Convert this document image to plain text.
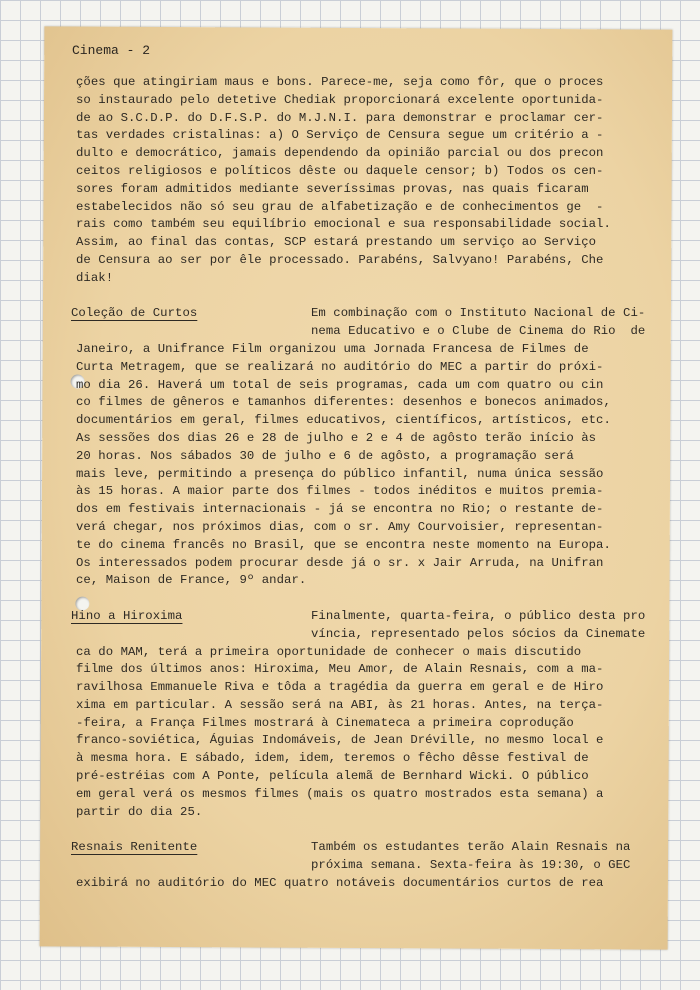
Cinema - 2
ções que atingiriam maus e bons. Parece-me, seja como fôr, que o proces
so instaurado pelo detetive Chediak proporcionará excelente oportunida-
de ao S.C.D.P. do D.F.S.P. do M.J.N.I. para demonstrar e proclamar cer-
tas verdades cristalinas: a) O Serviço de Censura segue um critério a -
dulto e democrático, jamais dependendo da opinião parcial ou dos precon
ceitos religiosos e políticos dêste ou daquele censor; b) Todos os cen-
sores foram admitidos mediante severíssimas provas, nas quais ficaram
estabelecidos não só seu grau de alfabetização e de conhecimentos ge  -
rais como também seu equilíbrio emocional e sua responsabilidade social.
Assim, ao final das contas, SCP estará prestando um serviço ao Serviço
de Censura ao ser por êle processado. Parabéns, Salvyano! Parabéns, Che
diak!

Coleção de Curtos

	Em combinação com o Instituto Nacional de Ci-

nema Educativo e o Clube de Cinema do Rio  de

Janeiro, a Unifrance Film organizou uma Jornada Francesa de Filmes de
Curta Metragem, que se realizará no auditório do MEC a partir do próxi-
mo dia 26. Haverá um total de seis programas, cada um com quatro ou cin
co filmes de gêneros e tamanhos diferentes: desenhos e bonecos animados,
documentários em geral, filmes educativos, científicos, artísticos, etc.
As sessões dos dias 26 e 28 de julho e 2 e 4 de agôsto terão início às
20 horas. Nos sábados 30 de julho e 6 de agôsto, a programação será
mais leve, permitindo a presença do público infantil, numa única sessão
às 15 horas. A maior parte dos filmes - todos inéditos e muitos premia-
dos em festivais internacionais - já se encontra no Rio; o restante de-
verá chegar, nos próximos dias, com o sr. Amy Courvoisier, representan-
te do cinema francês no Brasil, que se encontra neste momento na Europa.
Os interessados podem procurar desde já o sr. x Jair Arruda, na Unifran
ce, Maison de France, 9º andar.

Hino a Hiroxima

	Finalmente, quarta-feira, o público desta pro

víncia, representado pelos sócios da Cinemate

ca do MAM, terá a primeira oportunidade de conhecer o mais discutido
filme dos últimos anos: Hiroxima, Meu Amor, de Alain Resnais, com a ma-
ravilhosa Emmanuele Riva e tôda a tragédia da guerra em geral e de Hiro
xima em particular. A sessão será na ABI, às 21 horas. Antes, na terça-
-feira, a França Filmes mostrará à Cinemateca a primeira coprodução
franco-soviética, Águias Indomáveis, de Jean Dréville, no mesmo local e
à mesma hora. E sábado, idem, idem, teremos o fêcho dêsse festival de
pré-estréias com A Ponte, película alemã de Bernhard Wicki. O público
em geral verá os mesmos filmes (mais os quatro mostrados esta semana) a
partir do dia 25.

Resnais Renitente

	Também os estudantes terão Alain Resnais na

próxima semana. Sexta-feira às 19:30, o GEC

exibirá no auditório do MEC quatro notáveis documentários curtos de rea
